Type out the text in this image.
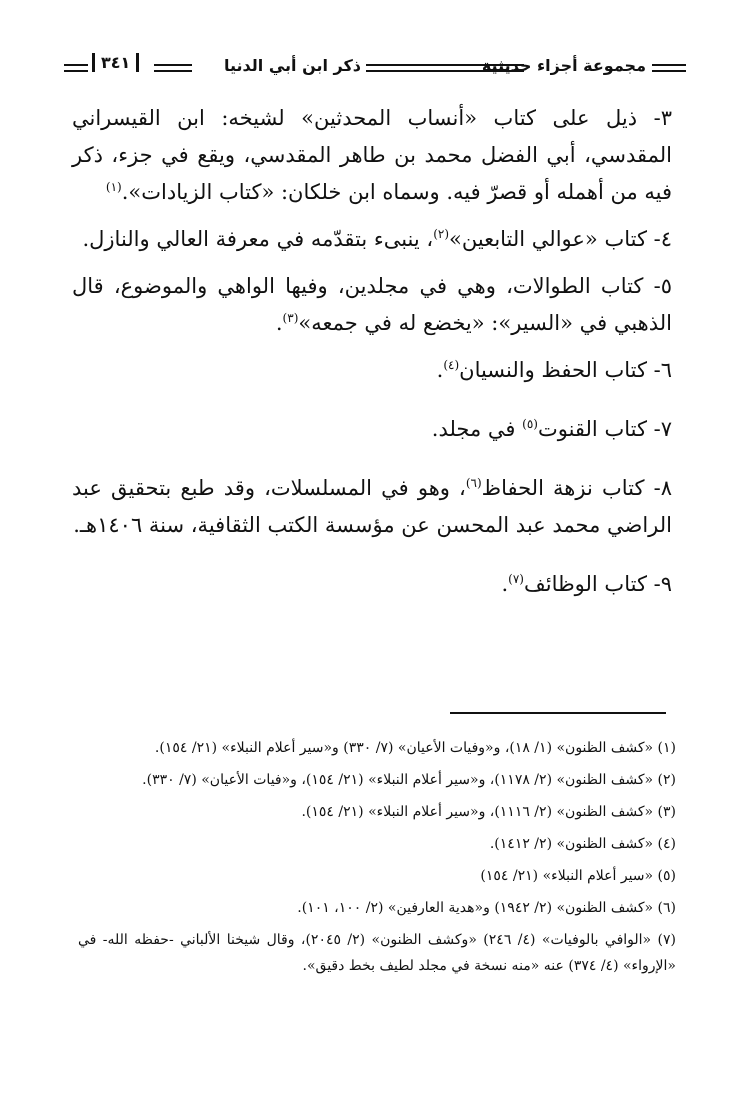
مجموعة أجزاء حديثية
ذكر ابن أبي الدنيا
٣٤١

٣- ذيل على كتاب «أنساب المحدثين» لشيخه: ابن القيسراني المقدسي، أبي الفضل محمد بن طاهر المقدسي، ويقع في جزء، ذكر فيه من أهمله أو قصرّ فيه. وسماه ابن خلكان: «كتاب الزيادات».$^{(١)}$

٤- كتاب «عوالي التابعين»$^{(٢)}$، ينبىء بتقدّمه في معرفة العالي والنازل.

٥- كتاب الطوالات، وهي في مجلدين، وفيها الواهي والموضوع، قال الذهبي في «السير»: «يخضع له في جمعه»$^{(٣)}$.

٦- كتاب الحفظ والنسيان$^{(٤)}$.

٧- كتاب القنوت$^{(٥)}$ في مجلد.

٨- كتاب نزهة الحفاظ$^{(٦)}$، وهو في المسلسلات، وقد طبع بتحقيق عبد الراضي محمد عبد المحسن عن مؤسسة الكتب الثقافية، سنة ١٤٠٦هـ.

٩- كتاب الوظائف$^{(٧)}$.

(١) «كشف الظنون» (١/ ١٨)، و«وفيات الأعيان» (٧/ ٣٣٠) و«سير أعلام النبلاء» (٢١/ ١٥٤).

(٢) «كشف الظنون» (٢/ ١١٧٨)، و«سير أعلام النبلاء» (٢١/ ١٥٤)، و«فيات الأعيان» (٧/ ٣٣٠).

(٣) «كشف الظنون» (٢/ ١١١٦)، و«سير أعلام النبلاء» (٢١/ ١٥٤).

(٤) «كشف الظنون» (٢/ ١٤١٢).

(٥) «سير أعلام النبلاء» (٢١/ ١٥٤)

(٦) «كشف الظنون» (٢/ ١٩٤٢) و«هدية العارفين» (٢/ ١٠٠، ١٠١).

(٧) «الوافي بالوفيات» (٤/ ٢٤٦) «وكشف الظنون» (٢/ ٢٠٤٥)، وقال شيخنا الألباني -حفظه الله- في «الإرواء» (٤/ ٣٧٤) عنه «منه نسخة في مجلد لطيف بخط دقيق».
